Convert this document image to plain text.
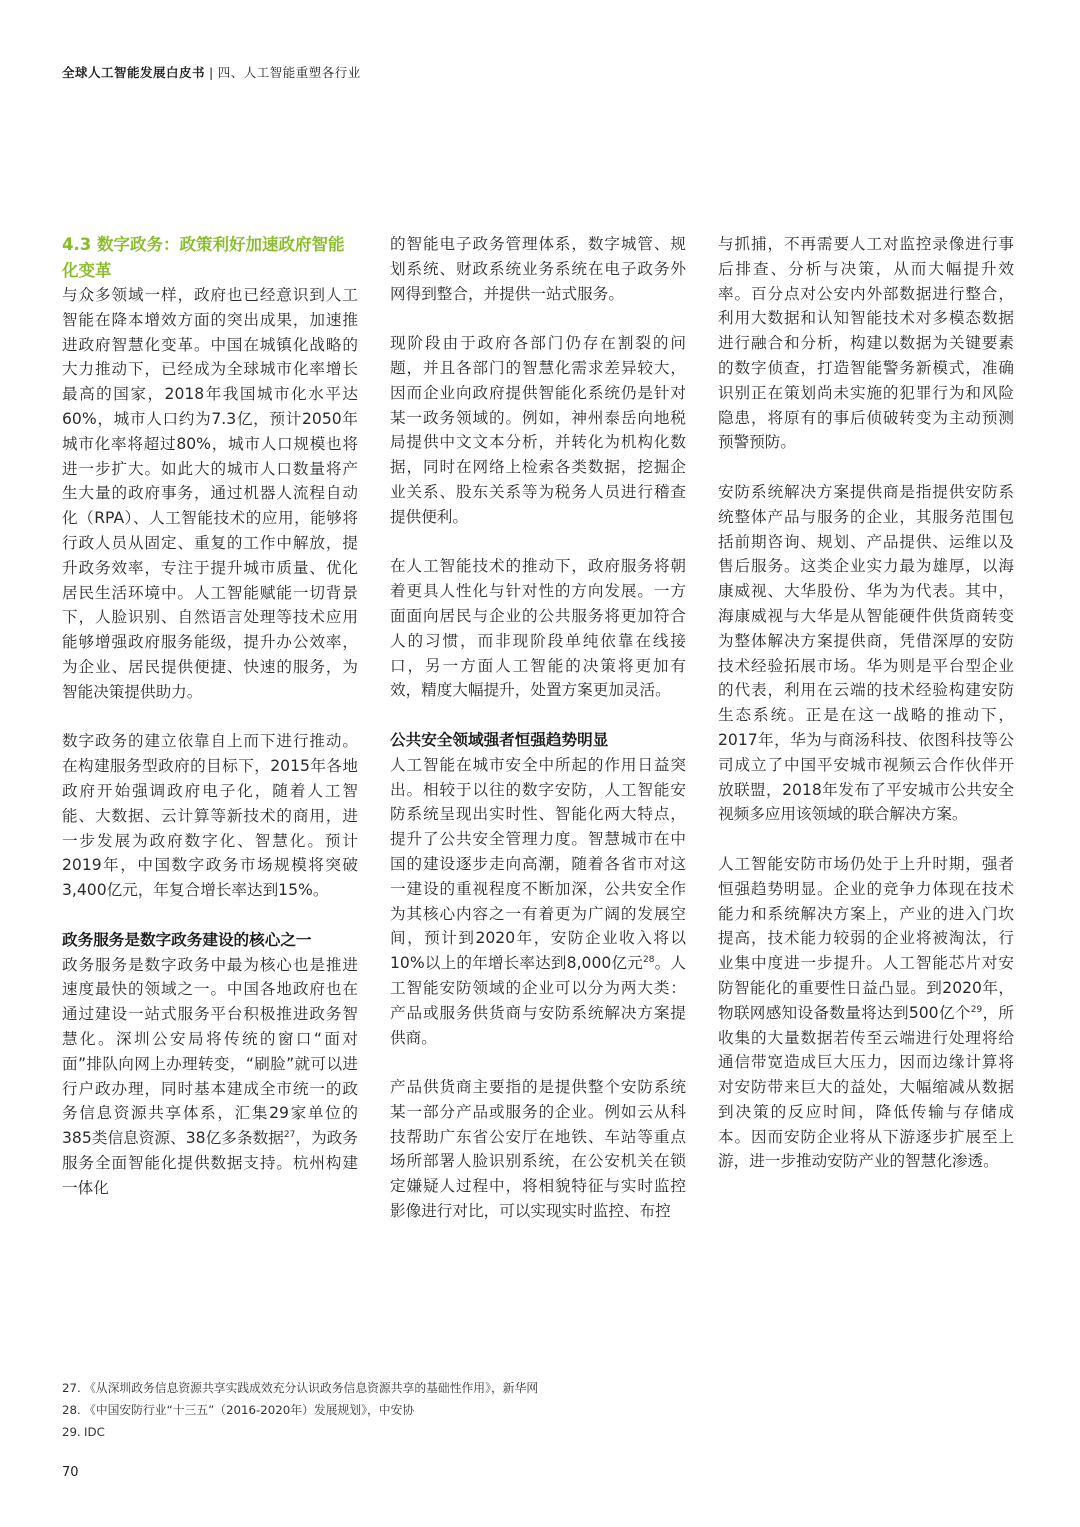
全球人工智能发展白皮书 | 四、人工智能重塑各行业
4.3 数字政务：政策利好加速政府智能化变革

与众多领域一样，政府也已经意识到人工智能在降本增效方面的突出成果，加速推进政府智慧化变革。中国在城镇化战略的大力推动下，已经成为全球城市化率增长最高的国家，2018年我国城市化水平达60%，城市人口约为7.3亿，预计2050年城市化率将超过80%，城市人口规模也将进一步扩大。如此大的城市人口数量将产生大量的政府事务，通过机器人流程自动化（RPA）、人工智能技术的应用，能够将行政人员从固定、重复的工作中解放，提升政务效率，专注于提升城市质量、优化居民生活环境中。人工智能赋能一切背景下，人脸识别、自然语言处理等技术应用能够增强政府服务能级，提升办公效率，为企业、居民提供便捷、快速的服务，为智能决策提供助力。

数字政务的建立依靠自上而下进行推动。在构建服务型政府的目标下，2015年各地政府开始强调政府电子化，随着人工智能、大数据、云计算等新技术的商用，进一步发展为政府数字化、智慧化。预计2019年，中国数字政务市场规模将突破3,400亿元，年复合增长率达到15%。

政务服务是数字政务建设的核心之一

政务服务是数字政务中最为核心也是推进速度最快的领域之一。中国各地政府也在通过建设一站式服务平台积极推进政务智慧化。深圳公安局将传统的窗口“面对面”排队向网上办理转变，“刷脸”就可以进行户政办理，同时基本建成全市统一的政务信息资源共享体系，汇集29家单位的385类信息资源、38亿多条数据$^{27}$，为政务服务全面智能化提供数据支持。杭州构建一体化

的智能电子政务管理体系，数字城管、规划系统、财政系统业务系统在电子政务外网得到整合，并提供一站式服务。

现阶段由于政府各部门仍存在割裂的问题，并且各部门的智慧化需求差异较大，因而企业向政府提供智能化系统仍是针对某一政务领域的。例如，神州泰岳向地税局提供中文文本分析，并转化为机构化数据，同时在网络上检索各类数据，挖掘企业关系、股东关系等为税务人员进行稽查提供便利。

在人工智能技术的推动下，政府服务将朝着更具人性化与针对性的方向发展。一方面面向居民与企业的公共服务将更加符合人的习惯，而非现阶段单纯依靠在线接口，另一方面人工智能的决策将更加有效，精度大幅提升，处置方案更加灵活。

公共安全领域强者恒强趋势明显

人工智能在城市安全中所起的作用日益突出。相较于以往的数字安防，人工智能安防系统呈现出实时性、智能化两大特点，提升了公共安全管理力度。智慧城市在中国的建设逐步走向高潮，随着各省市对这一建设的重视程度不断加深，公共安全作为其核心内容之一有着更为广阔的发展空间，预计到2020年，安防企业收入将以10%以上的年增长率达到8,000亿元$^{28}$。人工智能安防领域的企业可以分为两大类：产品或服务供货商与安防系统解决方案提供商。

产品供货商主要指的是提供整个安防系统某一部分产品或服务的企业。例如云从科技帮助广东省公安厅在地铁、车站等重点场所部署人脸识别系统，在公安机关在锁定嫌疑人过程中，将相貌特征与实时监控影像进行对比，可以实现实时监控、布控

与抓捕，不再需要人工对监控录像进行事后排查、分析与决策，从而大幅提升效率。百分点对公安内外部数据进行整合，利用大数据和认知智能技术对多模态数据进行融合和分析，构建以数据为关键要素的数字侦查，打造智能警务新模式，准确识别正在策划尚未实施的犯罪行为和风险隐患，将原有的事后侦破转变为主动预测预警预防。

安防系统解决方案提供商是指提供安防系统整体产品与服务的企业，其服务范围包括前期咨询、规划、产品提供、运维以及售后服务。这类企业实力最为雄厚，以海康威视、大华股份、华为为代表。其中，海康威视与大华是从智能硬件供货商转变为整体解决方案提供商，凭借深厚的安防技术经验拓展市场。华为则是平台型企业的代表，利用在云端的技术经验构建安防生态系统。正是在这一战略的推动下，2017年，华为与商汤科技、依图科技等公司成立了中国平安城市视频云合作伙伴开放联盟，2018年发布了平安城市公共安全视频多应用该领域的联合解决方案。

人工智能安防市场仍处于上升时期，强者恒强趋势明显。企业的竞争力体现在技术能力和系统解决方案上，产业的进入门坎提高，技术能力较弱的企业将被淘汰，行业集中度进一步提升。人工智能芯片对安防智能化的重要性日益凸显。到2020年，物联网感知设备数量将达到500亿个$^{29}$，所收集的大量数据若传至云端进行处理将给通信带宽造成巨大压力，因而边缘计算将对安防带来巨大的益处，大幅缩减从数据到决策的反应时间，降低传输与存储成本。因而安防企业将从下游逐步扩展至上游，进一步推动安防产业的智慧化渗透。

27. 《从深圳政务信息资源共享实践成效充分认识政务信息资源共享的基础性作用》，新华网
28. 《中国安防行业“十三五”（2016-2020年）发展规划》，中安协
29. IDC
70
